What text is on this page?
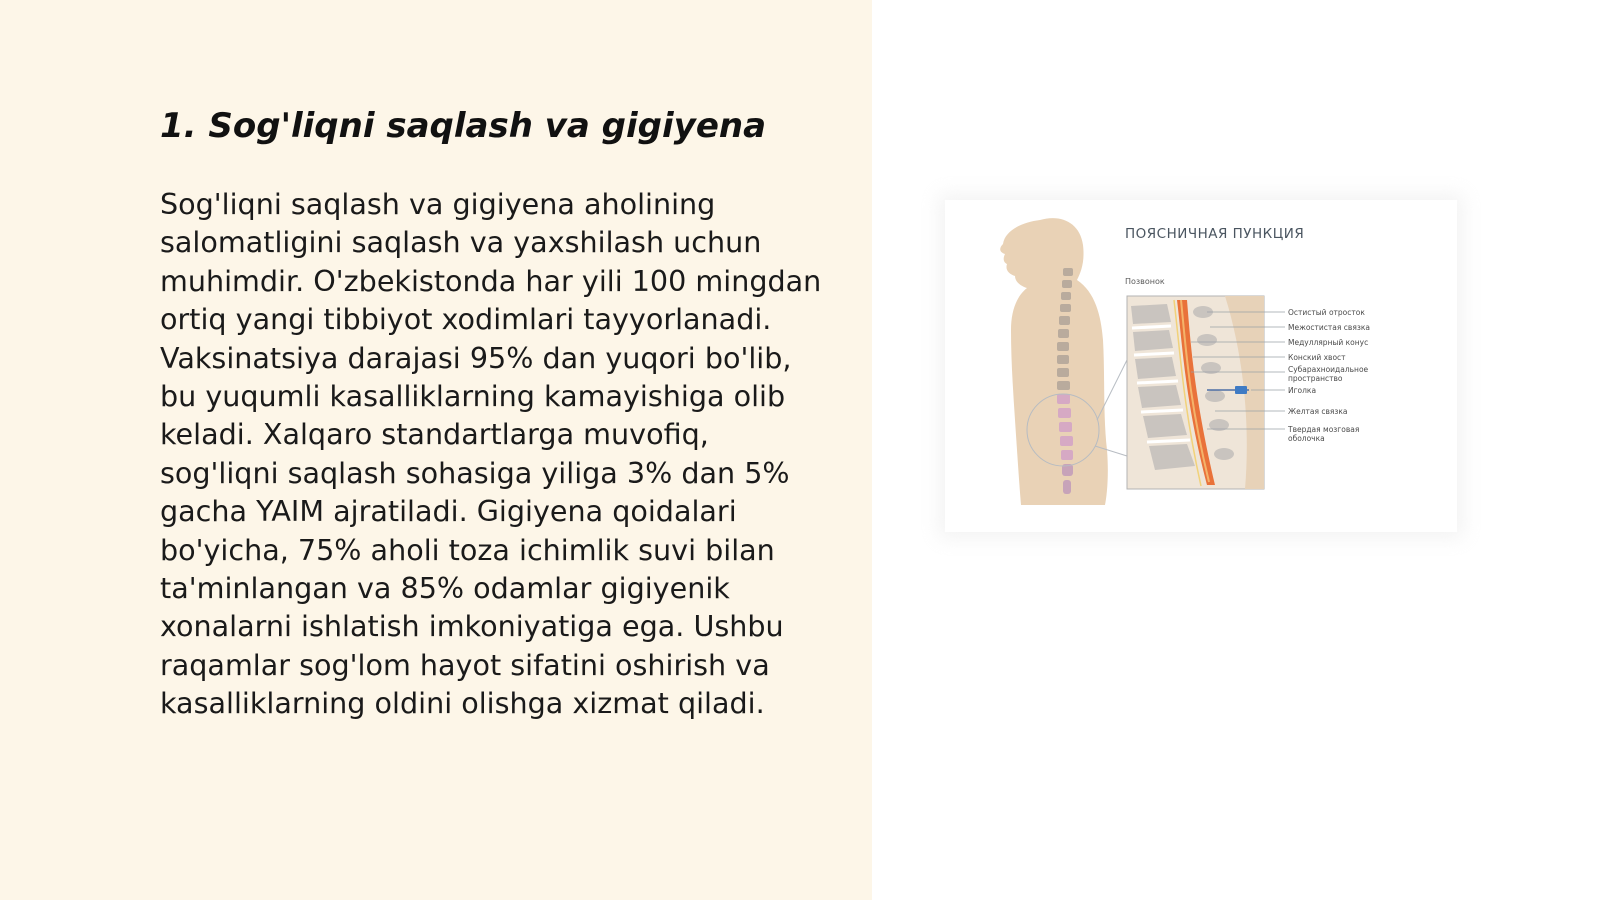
1. Sog'liqni saqlash va gigiyena

Sog'liqni saqlash va gigiyena aholining salomatligini saqlash va yaxshilash uchun muhimdir. O'zbekistonda har yili 100 mingdan ortiq yangi tibbiyot xodimlari tayyorlanadi. Vaksinatsiya darajasi 95% dan yuqori bo'lib, bu yuqumli kasalliklarning kamayishiga olib keladi. Xalqaro standartlarga muvofiq, sog'liqni saqlash sohasiga yiliga 3% dan 5% gacha YAIM ajratiladi. Gigiyena qoidalari bo'yicha, 75% aholi toza ichimlik suvi bilan ta'minlangan va 85% odamlar gigiyenik xonalarni ishlatish imkoniyatiga ega. Ushbu raqamlar sog'lom hayot sifatini oshirish va kasalliklarning oldini olishga xizmat qiladi.

ПОЯСНИЧНАЯ ПУНКЦИЯ
Позвонок
Остистый отросток
Межостистая связка
Медуллярный конус
Конский хвост
Субарахноидальное
пространство
Иголка
Желтая связка
Твердая мозговая
оболочка
